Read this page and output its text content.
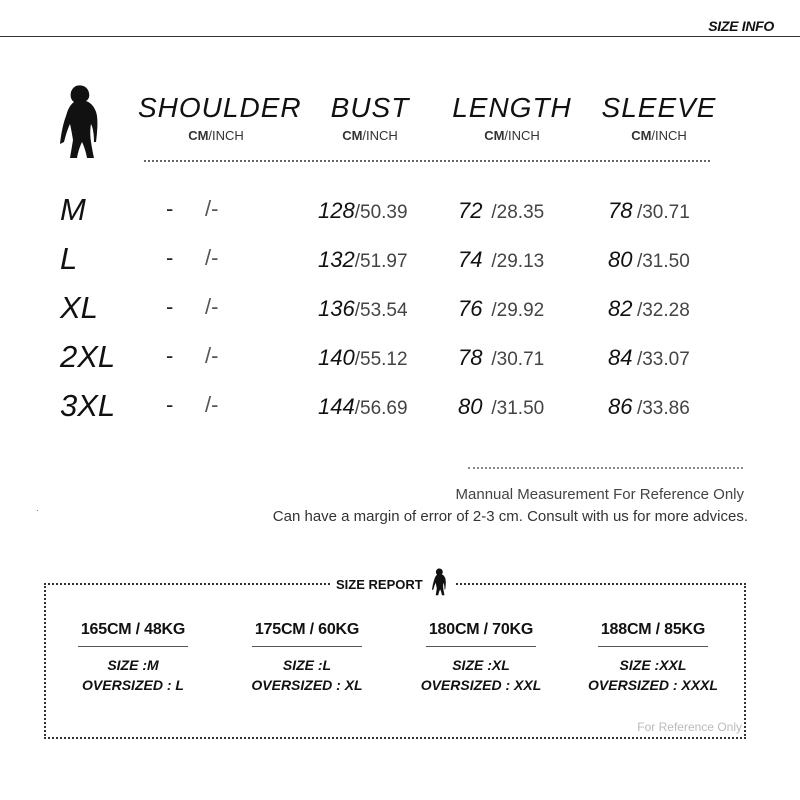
SIZE INFO
SHOULDER
CM/INCH
BUST
CM/INCH
LENGTH
CM/INCH
SLEEVE
CM/INCH
M	- /-	128/50.39 72 /28.35	78 /30.71
L	- /-	132/51.97 74 /29.13	80 /31.50
XL	- /-	136/53.54 76 /29.92	82 /32.28
2XL - /-	140/55.12 78 /30.71	84 /33.07
3XL - /-	144/56.69 80 /31.50	86 /33.86
Mannual Measurement For Reference Only
Can have a margin of error of 2-3 cm. Consult with us for more advices.
·
SIZE REPORT
165CM / 48KG
SIZE :M
OVERSIZED : L
175CM / 60KG
SIZE :L
OVERSIZED : XL
180CM / 70KG
SIZE :XL
OVERSIZED : XXL
188CM / 85KG
SIZE :XXL
OVERSIZED : XXXL
For Reference Only
